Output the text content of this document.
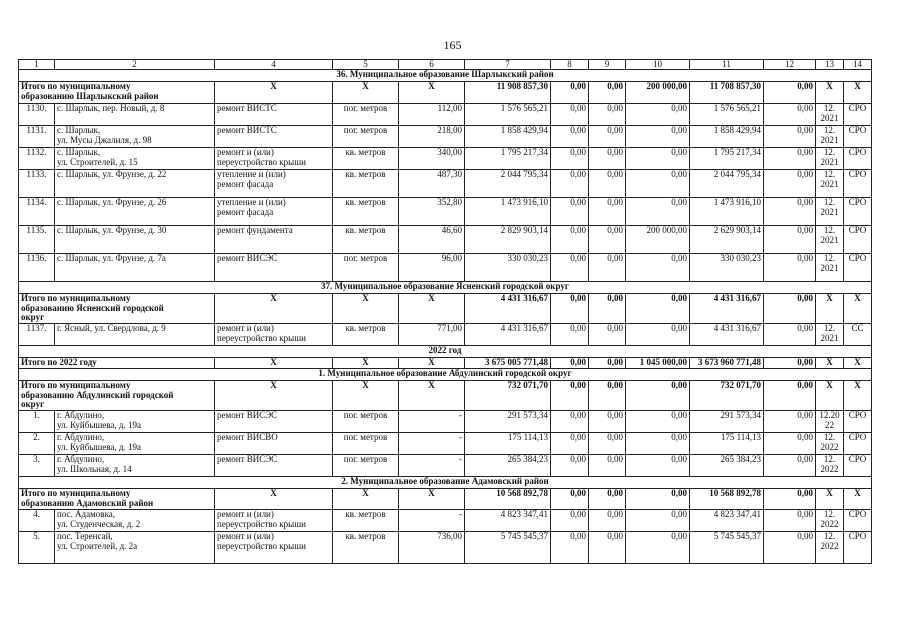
165
1	2	4	5	6	7	8	9	10	11	12	13	14
36. Муниципальное образование Шарлыкский район												
Итого по муниципальному
образованию Шарлыкский район		Х	Х	Х	11 908 857,30	0,00	0,00	200 000,00	11 708 857,30	0,00	Х	Х
1130.	с. Шарлык, пер. Новый, д. 8	ремонт ВИСТС	пог. метров	112,00	1 576 565,21	0,00	0,00	0,00	1 576 565,21	0,00	12.
2021	СРО
1131.	с. Шарлык,
ул. Мусы Джалиля, д. 98	ремонт ВИСТС	пог. метров	218,00	1 858 429,94	0,00	0,00	0,00	1 858 429,94	0,00	12.
2021	СРО
1132.	с. Шарлык,
ул. Строителей, д. 15	ремонт и (или)
переустройство крыши	кв. метров	340,00	1 795 217,34	0,00	0,00	0,00	1 795 217,34	0,00	12.
2021	СРО
1133.	с. Шарлык, ул. Фрунзе, д. 22	утепление и (или)
ремонт фасада	кв. метров	487,30	2 044 795,34	0,00	0,00	0,00	2 044 795,34	0,00	12.
2021	СРО
1134.	с. Шарлык, ул. Фрунзе, д. 26	утепление и (или)
ремонт фасада	кв. метров	352,80	1 473 916,10	0,00	0,00	0,00	1 473 916,10	0,00	12.
2021	СРО
1135.	с. Шарлык, ул. Фрунзе, д. 30	ремонт фундамента	кв. метров	46,60	2 829 903,14	0,00	0,00	200 000,00	2 629 903,14	0,00	12.
2021	СРО
1136.	с. Шарлык, ул. Фрунзе, д. 7а	ремонт ВИСЭС	пог. метров	96,00	330 030,23	0,00	0,00	0,00	330 030,23	0,00	12.
2021	СРО
37. Муниципальное образование Ясненский городской округ												
Итого по муниципальному
образованию Ясненский городской
округ		Х	Х	Х	4 431 316,67	0,00	0,00	0,00	4 431 316,67	0,00	Х	Х
1137.	г. Ясный, ул. Свердлова, д. 9	ремонт и (или)
переустройство крыши	кв. метров	771,00	4 431 316,67	0,00	0,00	0,00	4 431 316,67	0,00	12.
2021	СС
2022 год												
Итого по 2022 году		Х	Х	Х	3 675 005 771,48	0,00	0,00	1 045 000,00	3 673 960 771,48	0,00	Х	Х
1. Муниципальное образование Абдулинский городской округ												
Итого по муниципальному
образованию Абдулинский городской
округ		Х	Х	Х	732 071,70	0,00	0,00	0,00	732 071,70	0,00	Х	Х
1.	г. Абдулино,
ул. Куйбышева, д. 19а	ремонт ВИСЭС	пог. метров	-	291 573,34	0,00	0,00	0,00	291 573,34	0,00	12.20
22	СРО
2.	г. Абдулино,
ул. Куйбышева, д. 19а	ремонт ВИСВО	пог. метров	-	175 114,13	0,00	0,00	0,00	175 114,13	0,00	12.
2022	СРО
3.	г. Абдулино,
ул. Школьная, д. 14	ремонт ВИСЭС	пог. метров	-	265 384,23	0,00	0,00	0,00	265 384,23	0,00	12.
2022	СРО
2. Муниципальное образование Адамовский район												
Итого по муниципальному
образованию Адамовский район		Х	Х	Х	10 568 892,78	0,00	0,00	0,00	10 568 892,78	0,00	Х	Х
4.	пос. Адамовка,
ул. Студенческая, д. 2	ремонт и (или)
переустройство крыши	кв. метров	-	4 823 347,41	0,00	0,00	0,00	4 823 347,41	0,00	12.
2022	СРО
5.	пос. Теренсай,
ул. Строителей, д. 2а	ремонт и (или)
переустройство крыши	кв. метров	736,00	5 745 545,37	0,00	0,00	0,00	5 745 545,37	0,00	12.
2022	СРО
